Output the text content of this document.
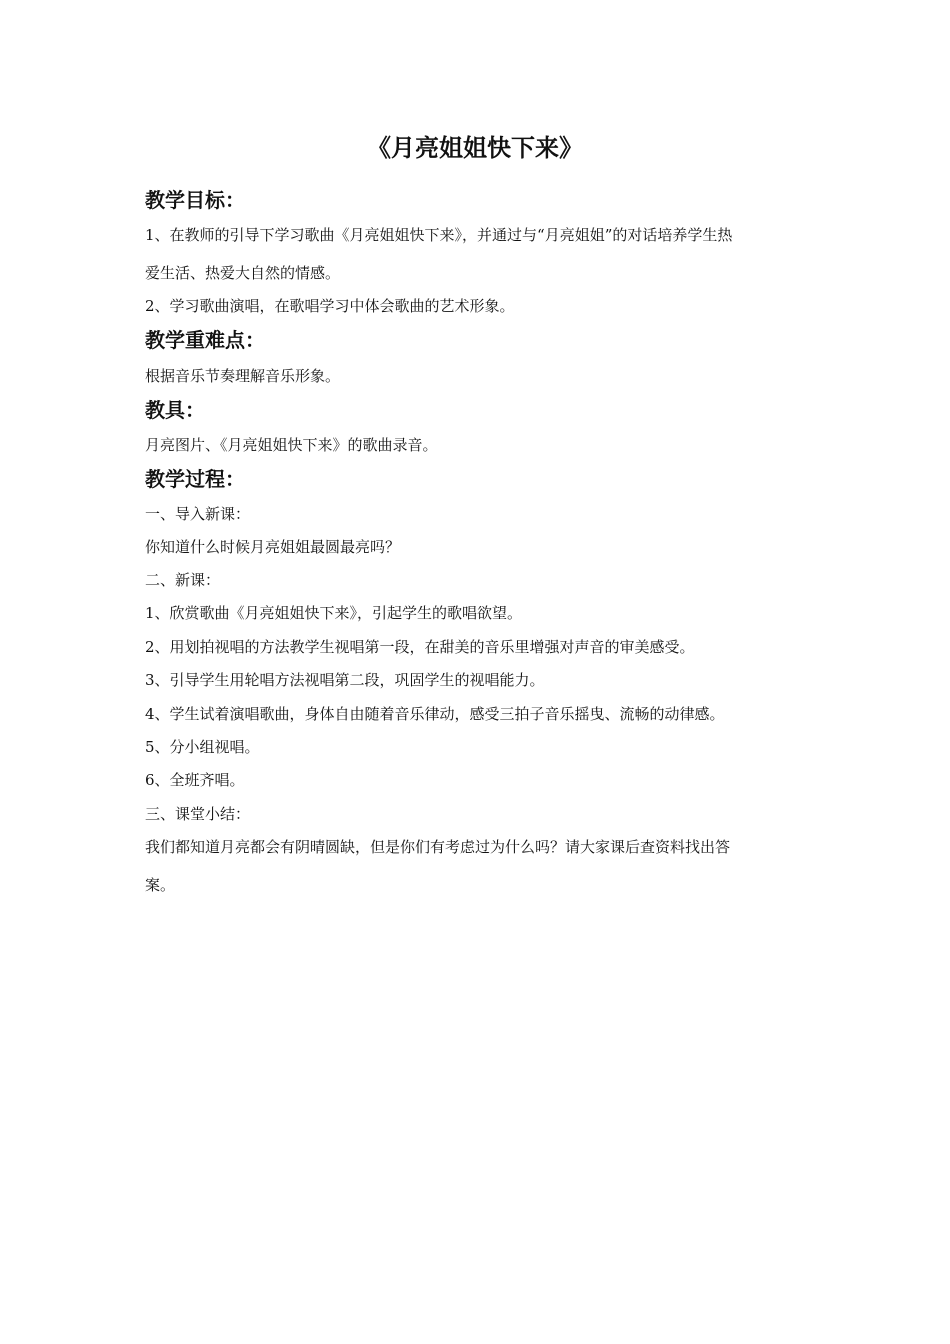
《月亮姐姐快下来》
教学目标：

1、在教师的引导下学习歌曲《月亮姐姐快下来》，并通过与“月亮姐姐”的对话培养学生热

爱生活、热爱大自然的情感。

2、学习歌曲演唱，在歌唱学习中体会歌曲的艺术形象。

教学重难点：

根据音乐节奏理解音乐形象。

教具：

月亮图片、《月亮姐姐快下来》的歌曲录音。

教学过程：

一、导入新课：

你知道什么时候月亮姐姐最圆最亮吗？

二、新课：

1、欣赏歌曲《月亮姐姐快下来》，引起学生的歌唱欲望。

2、用划拍视唱的方法教学生视唱第一段，在甜美的音乐里增强对声音的审美感受。

3、引导学生用轮唱方法视唱第二段，巩固学生的视唱能力。

4、学生试着演唱歌曲，身体自由随着音乐律动，感受三拍子音乐摇曳、流畅的动律感。

5、分小组视唱。

6、全班齐唱。

三、课堂小结：

我们都知道月亮都会有阴晴圆缺，但是你们有考虑过为什么吗？请大家课后查资料找出答

案。
